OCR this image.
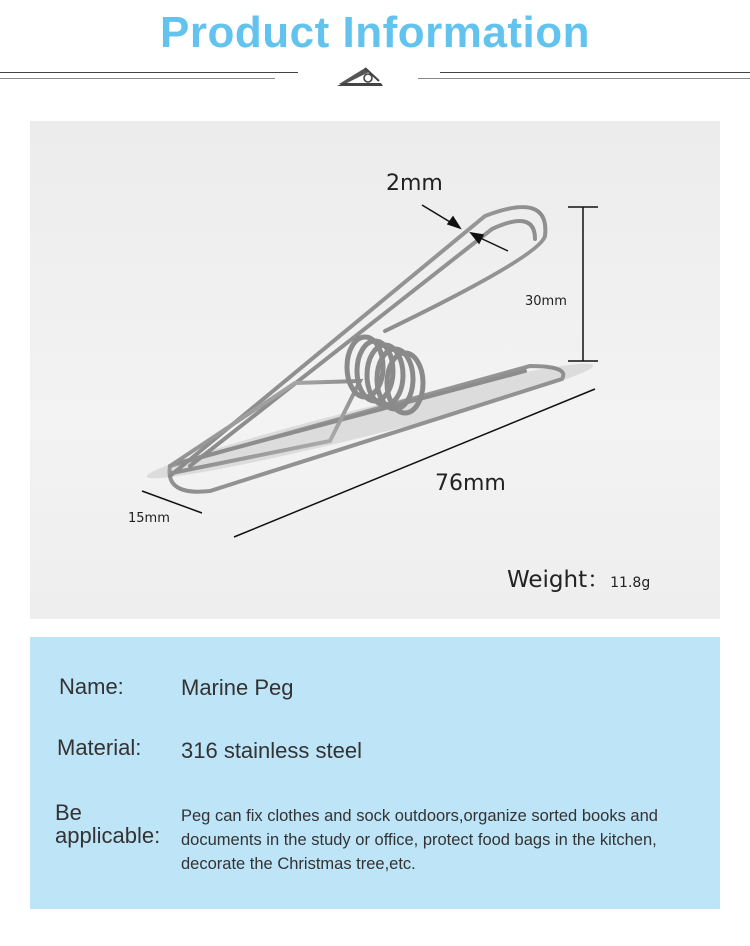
Product Information
2mm
30mm
76mm
15mm
Weight：11.8g
Name:	Marine Peg
Material: 316 stainless steel
Be
applicable:
Peg can fix clothes and sock outdoors,organize sorted books and documents in the study or office, protect food bags in the kitchen, decorate the Christmas tree,etc.
